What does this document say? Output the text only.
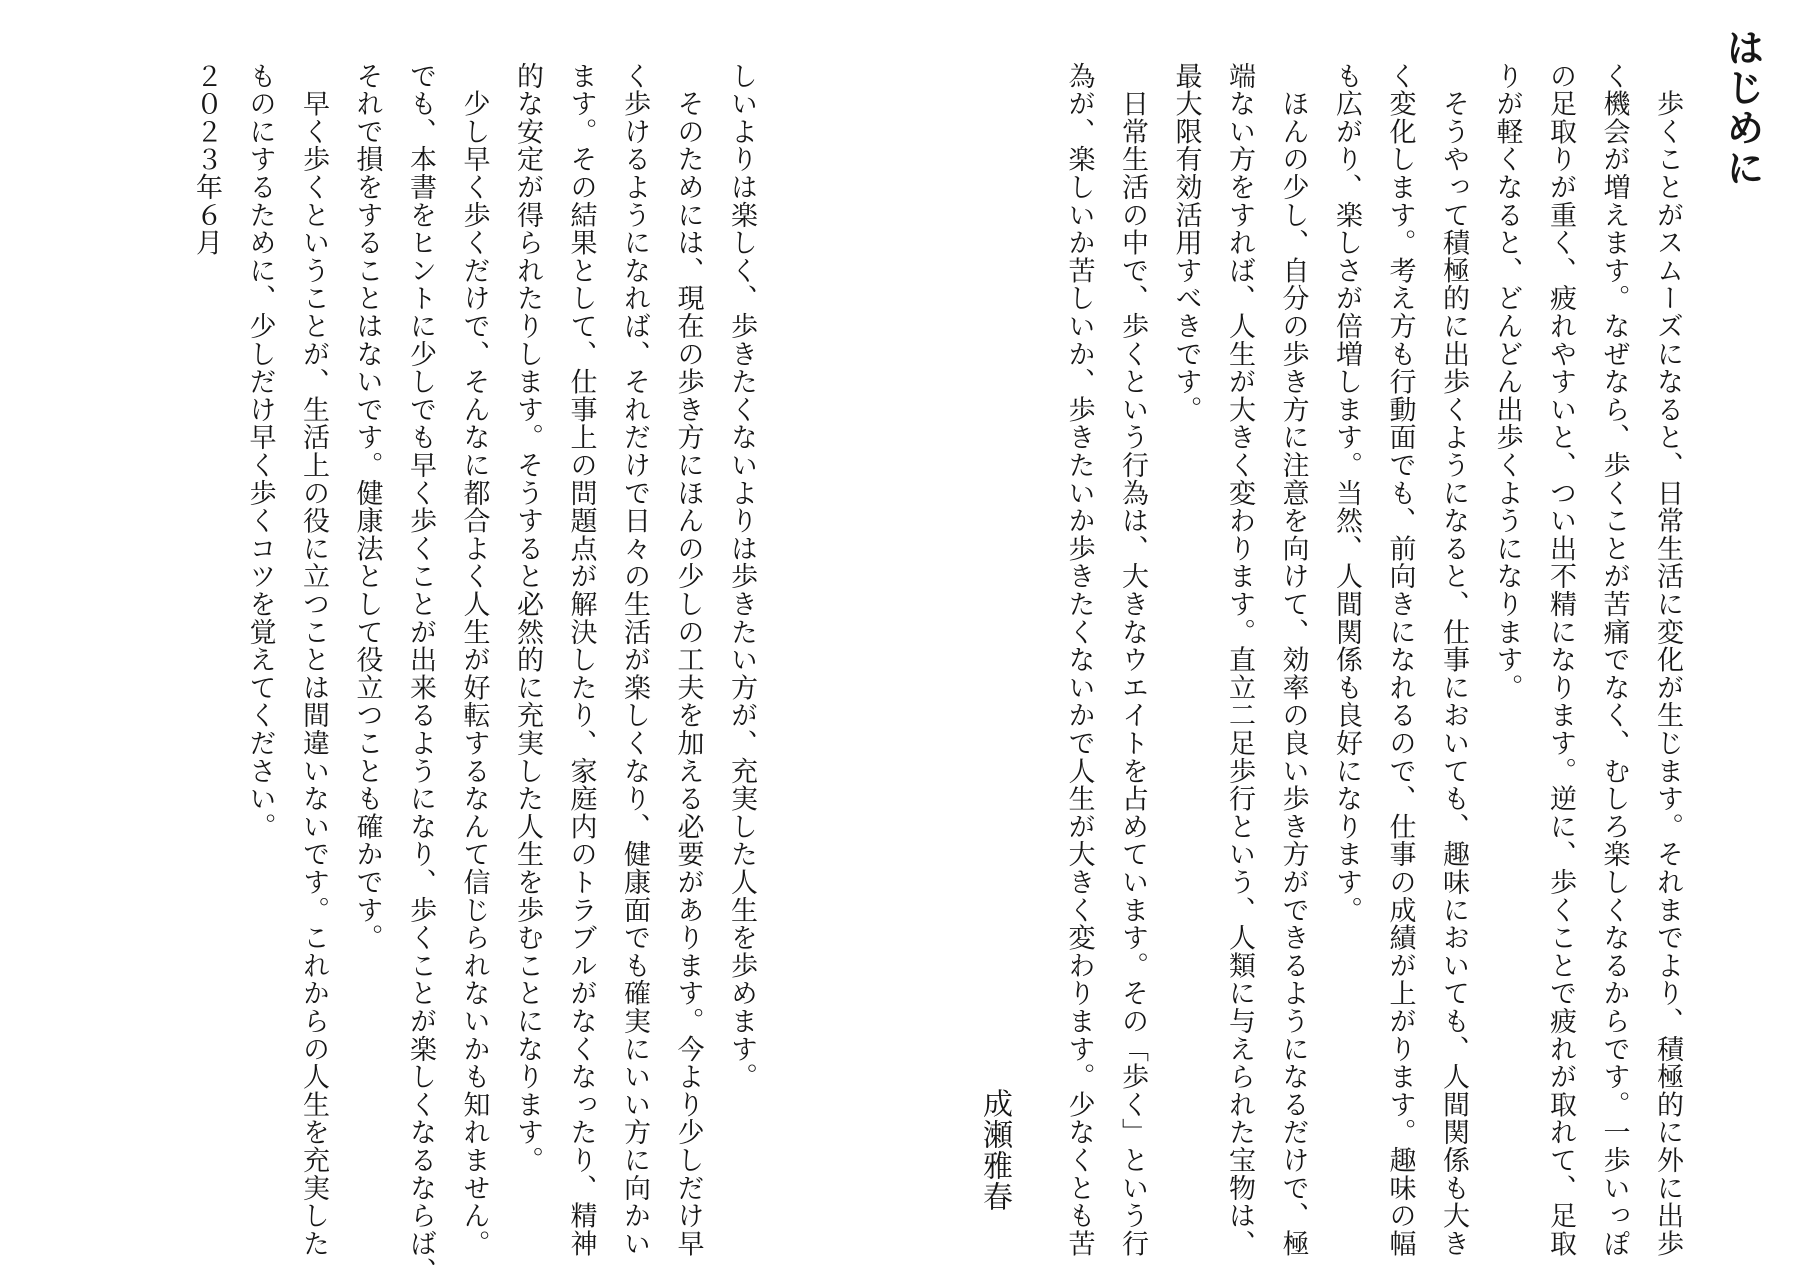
はじめに

　歩くことがスムーズになると、日常生活に変化が生じます。それまでより、積極的に外に出歩

く機会が増えます。なぜなら、歩くことが苦痛でなく、むしろ楽しくなるからです。一歩いっぽ

の足取りが重く、疲れやすいと、つい出不精になります。逆に、歩くことで疲れが取れて、足取

りが軽くなると、どんどん出歩くようになります。

　そうやって積極的に出歩くようになると、仕事においても、趣味においても、人間関係も大き

く変化します。考え方も行動面でも、前向きになれるので、仕事の成績が上がります。趣味の幅

も広がり、楽しさが倍増します。当然、人間関係も良好になります。

　ほんの少し、自分の歩き方に注意を向けて、効率の良い歩き方ができるようになるだけで、極

端ない方をすれば、人生が大きく変わります。直立二足歩行という、人類に与えられた宝物は、

最大限有効活用すべきです。

　日常生活の中で、歩くという行為は、大きなウエイトを占めています。その「歩く」という行

為が、楽しいか苦しいか、歩きたいか歩きたくないかで人生が大きく変わります。少なくとも苦

成瀬雅春

しいよりは楽しく、歩きたくないよりは歩きたい方が、充実した人生を歩めます。

　そのためには、現在の歩き方にほんの少しの工夫を加える必要があります。今より少しだけ早

く歩けるようになれば、それだけで日々の生活が楽しくなり、健康面でも確実にいい方に向かい

ます。その結果として、仕事上の問題点が解決したり、家庭内のトラブルがなくなったり、精神

的な安定が得られたりします。そうすると必然的に充実した人生を歩むことになります。

　少し早く歩くだけで、そんなに都合よく人生が好転するなんて信じられないかも知れません。

でも、本書をヒントに少しでも早く歩くことが出来るようになり、歩くことが楽しくなるならば、

それで損をすることはないです。健康法として役立つことも確かです。

　早く歩くということが、生活上の役に立つことは間違いないです。これからの人生を充実した

ものにするために、少しだけ早く歩くコツを覚えてください。

２０２３年６月
